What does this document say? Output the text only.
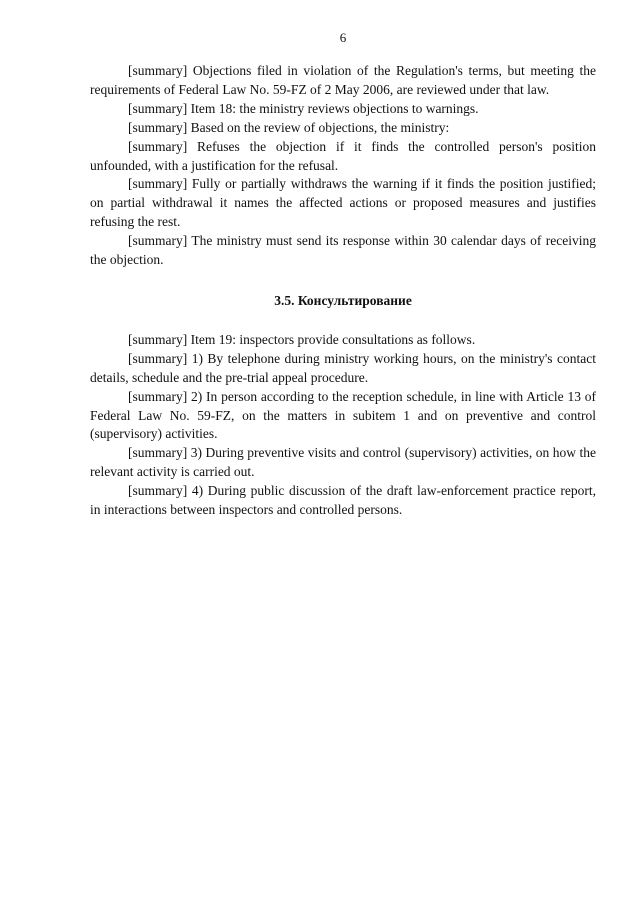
6

[summary] Objections filed in violation of the Regulation's terms, but meeting the requirements of Federal Law No. 59-FZ of 2 May 2006, are reviewed under that law.

[summary] Item 18: the ministry reviews objections to warnings.

[summary] Based on the review of objections, the ministry:

[summary] Refuses the objection if it finds the controlled person's position unfounded, with a justification for the refusal.

[summary] Fully or partially withdraws the warning if it finds the position justified; on partial withdrawal it names the affected actions or proposed measures and justifies refusing the rest.

[summary] The ministry must send its response within 30 calendar days of receiving the objection.

3.5. Консультирование

[summary] Item 19: inspectors provide consultations as follows.

[summary] 1) By telephone during ministry working hours, on the ministry's contact details, schedule and the pre-trial appeal procedure.

[summary] 2) In person according to the reception schedule, in line with Article 13 of Federal Law No. 59-FZ, on the matters in subitem 1 and on preventive and control (supervisory) activities.

[summary] 3) During preventive visits and control (supervisory) activities, on how the relevant activity is carried out.

[summary] 4) During public discussion of the draft law-enforcement practice report, in interactions between inspectors and controlled persons.
